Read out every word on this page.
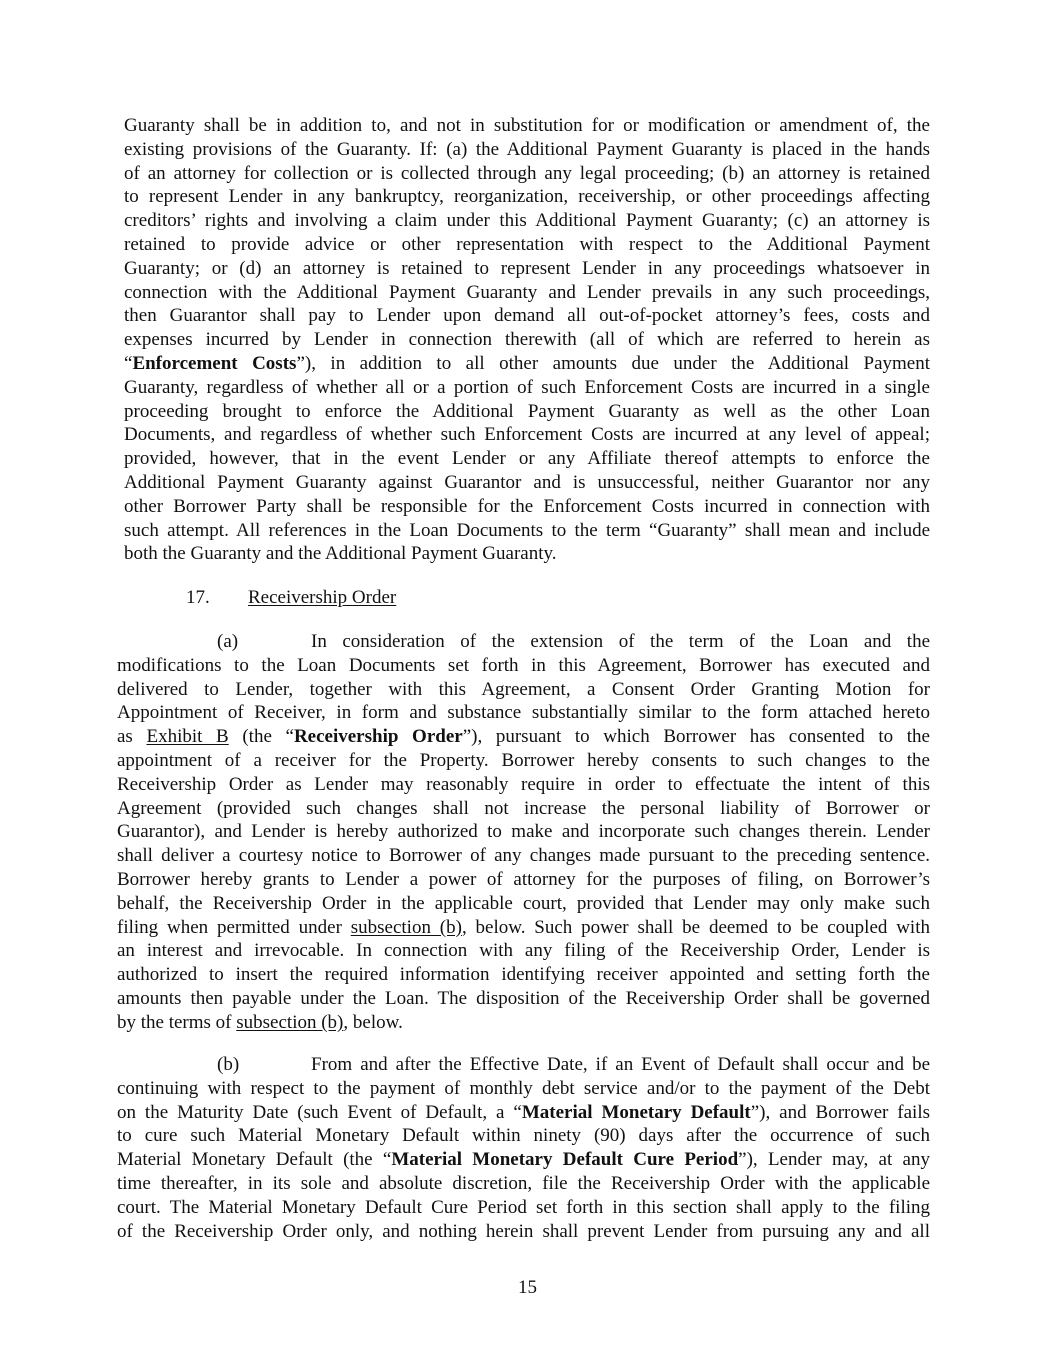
Guaranty shall be in addition to, and not in substitution for or modification or amendment of, the
existing provisions of the Guaranty. If: (a) the Additional Payment Guaranty is placed in the hands
of an attorney for collection or is collected through any legal proceeding; (b) an attorney is retained
to represent Lender in any bankruptcy, reorganization, receivership, or other proceedings affecting
creditors’ rights and involving a claim under this Additional Payment Guaranty; (c) an attorney is
retained to provide advice or other representation with respect to the Additional Payment
Guaranty; or (d) an attorney is retained to represent Lender in any proceedings whatsoever in
connection with the Additional Payment Guaranty and Lender prevails in any such proceedings,
then Guarantor shall pay to Lender upon demand all out-of-pocket attorney’s fees, costs and
expenses incurred by Lender in connection therewith (all of which are referred to herein as
“Enforcement Costs”), in addition to all other amounts due under the Additional Payment
Guaranty, regardless of whether all or a portion of such Enforcement Costs are incurred in a single
proceeding brought to enforce the Additional Payment Guaranty as well as the other Loan
Documents, and regardless of whether such Enforcement Costs are incurred at any level of appeal;
provided, however, that in the event Lender or any Affiliate thereof attempts to enforce the
Additional Payment Guaranty against Guarantor and is unsuccessful, neither Guarantor nor any
other Borrower Party shall be responsible for the Enforcement Costs incurred in connection with
such attempt. All references in the Loan Documents to the term “Guaranty” shall mean and include
both the Guaranty and the Additional Payment Guaranty.
17. Receivership Order
(a)	In consideration of the extension of the term of the Loan and the
modifications to the Loan Documents set forth in this Agreement, Borrower has executed and
delivered to Lender, together with this Agreement, a Consent Order Granting Motion for
Appointment of Receiver, in form and substance substantially similar to the form attached hereto
as Exhibit B (the “Receivership Order”), pursuant to which Borrower has consented to the
appointment of a receiver for the Property. Borrower hereby consents to such changes to the
Receivership Order as Lender may reasonably require in order to effectuate the intent of this
Agreement (provided such changes shall not increase the personal liability of Borrower or
Guarantor), and Lender is hereby authorized to make and incorporate such changes therein. Lender
shall deliver a courtesy notice to Borrower of any changes made pursuant to the preceding sentence.
Borrower hereby grants to Lender a power of attorney for the purposes of filing, on Borrower’s
behalf, the Receivership Order in the applicable court, provided that Lender may only make such
filing when permitted under subsection (b), below. Such power shall be deemed to be coupled with
an interest and irrevocable. In connection with any filing of the Receivership Order, Lender is
authorized to insert the required information identifying receiver appointed and setting forth the
amounts then payable under the Loan. The disposition of the Receivership Order shall be governed
by the terms of subsection (b), below.
(b)	From and after the Effective Date, if an Event of Default shall occur and be
continuing with respect to the payment of monthly debt service and/or to the payment of the Debt
on the Maturity Date (such Event of Default, a “Material Monetary Default”), and Borrower fails
to cure such Material Monetary Default within ninety (90) days after the occurrence of such
Material Monetary Default (the “Material Monetary Default Cure Period”), Lender may, at any
time thereafter, in its sole and absolute discretion, file the Receivership Order with the applicable
court. The Material Monetary Default Cure Period set forth in this section shall apply to the filing
of the Receivership Order only, and nothing herein shall prevent Lender from pursuing any and all
15
